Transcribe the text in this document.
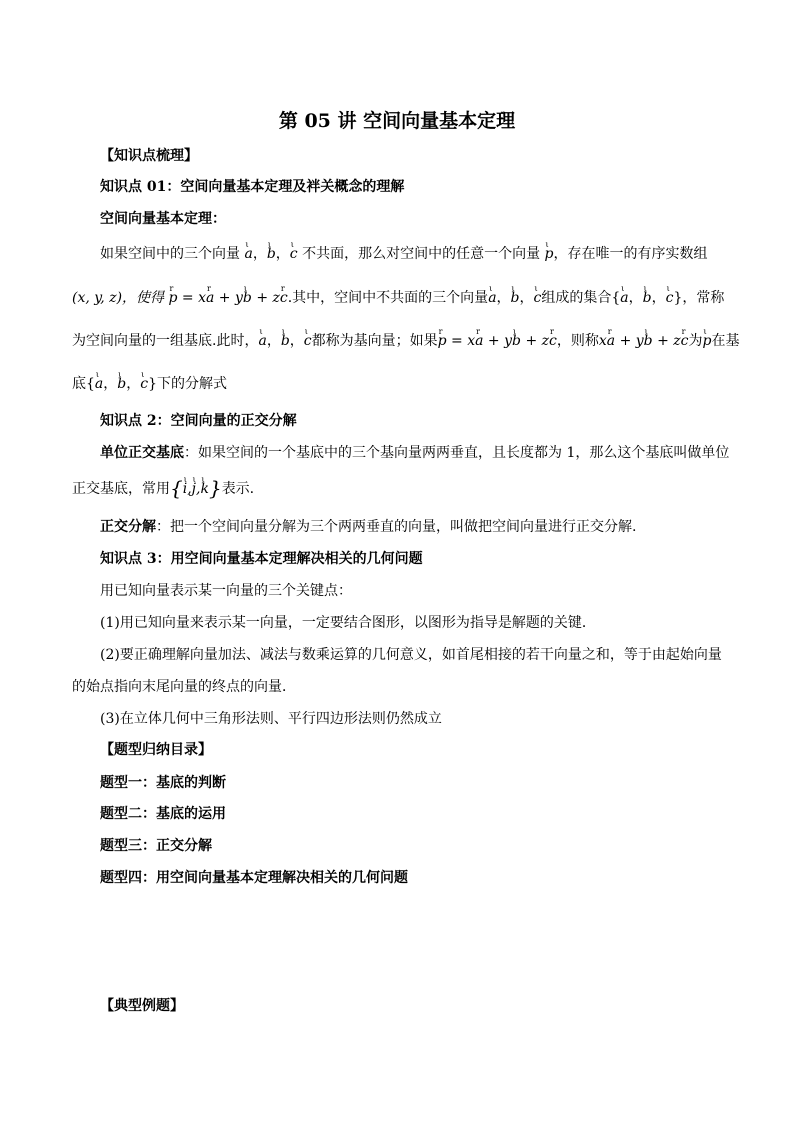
第 05 讲 空间向量基本定理
【知识点梳理】
知识点 01：空间向量基本定理及袢关概念的理解
空间向量基本定理：
如果空间中的三个向量 ι a，ι b，ι c 不共面，那么对空间中的任意一个向量 ι p，存在唯一的有序实数组
(x, y, z)，使得 r p = xr a + yι b + zr c.其中，空间中不共面的三个向量ι a，ι b，ι c组成的集合{ι a，ι b，ι c}，常称
为空间向量的一组基底.此时，ι a，ι b，ι c都称为基向量；如果r p = xr a + yι b + zr c，则称xr a + yι b + zr c为ι p在基
底{ι a，ι b，ι c}下的分解式
知识点 2：空间向量的正交分解
单位正交基底：如果空间的一个基底中的三个基向量两两垂直，且长度都为 1，那么这个基底叫做单位
正交基底，常用{ι i,ι j,ι k}表示.
正交分解：把一个空间向量分解为三个两两垂直的向量，叫做把空间向量进行正交分解.
知识点 3：用空间向量基本定理解决相关的几何问题
用已知向量表示某一向量的三个关键点：
(1)用已知向量来表示某一向量，一定要结合图形，以图形为指导是解题的关键．
(2)要正确理解向量加法、减法与数乘运算的几何意义，如首尾相接的若干向量之和，等于由起始向量
的始点指向末尾向量的终点的向量．
(3)在立体几何中三角形法则、平行四边形法则仍然成立
【题型归纳目录】
题型一：基底的判断
题型二：基底的运用
题型三：正交分解
题型四：用空间向量基本定理解决相关的几何问题
【典型例题】
